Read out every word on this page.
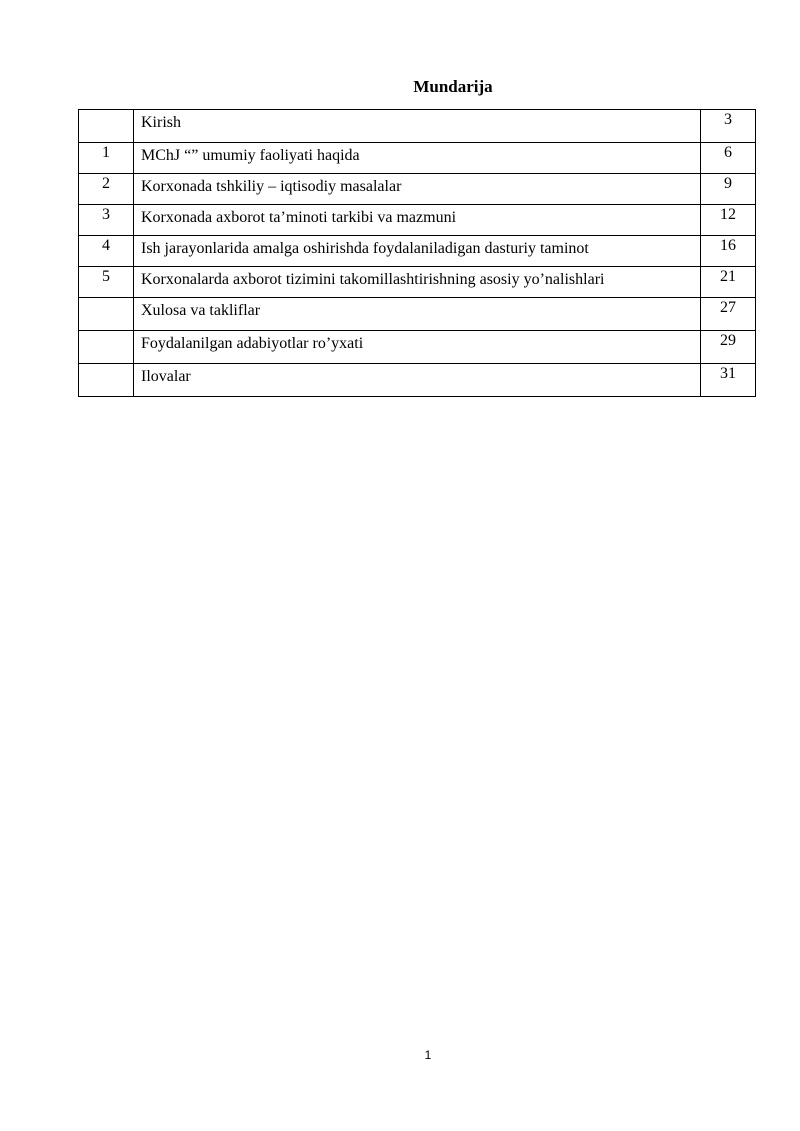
Mundarija
	Kirish	3
1	MChJ “” umumiy faoliyati haqida	6
2	Korxonada tshkiliy – iqtisodiy masalalar	9
3	Korxonada axborot ta’minoti tarkibi va mazmuni	12
4	Ish jarayonlarida amalga oshirishda foydalaniladigan dasturiy taminot	16
5	Korxonalarda axborot tizimini takomillashtirishning asosiy yo’nalishlari	21
	Xulosa va takliflar	27
	Foydalanilgan adabiyotlar ro’yxati	29
	Ilovalar	31
1
